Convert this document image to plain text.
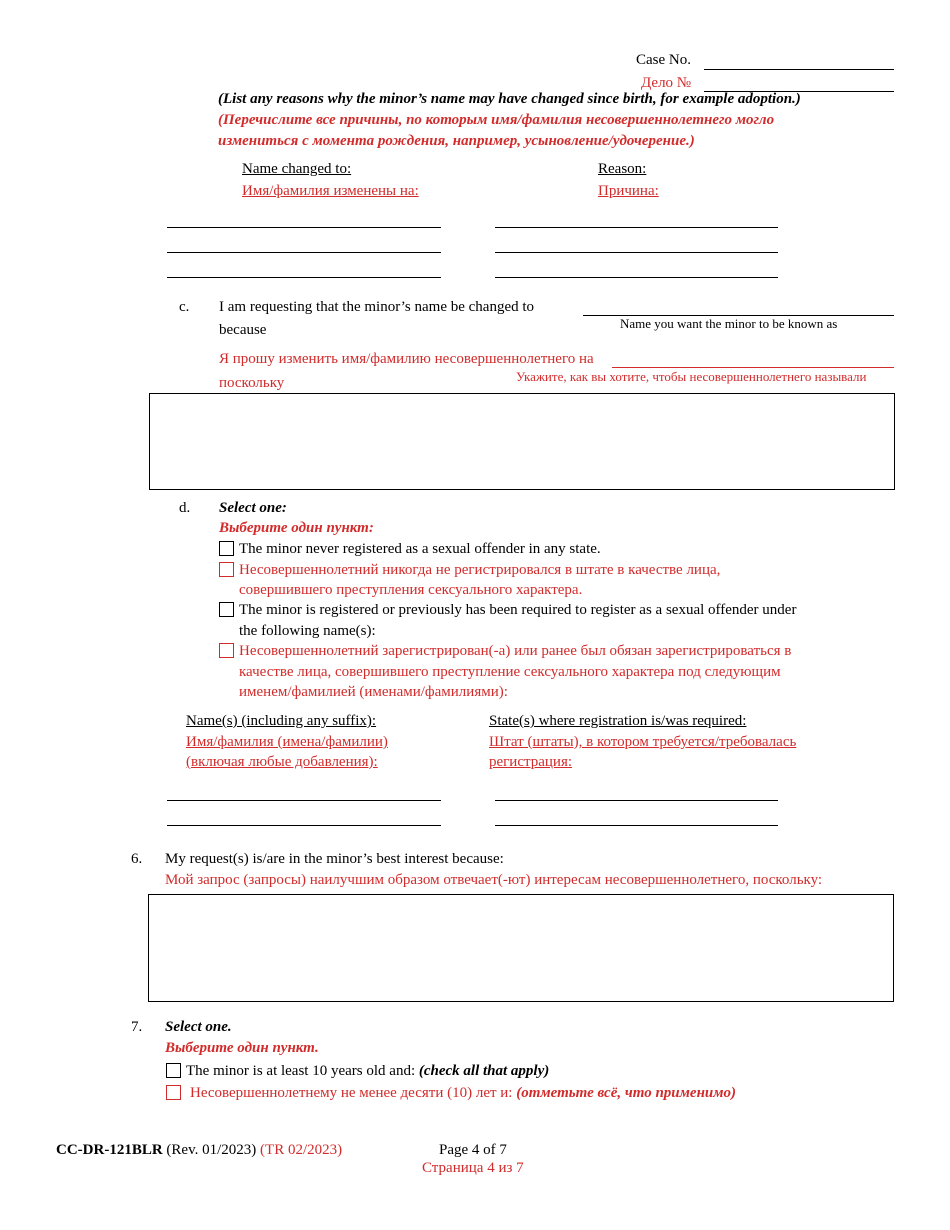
Case No.
Дело №
(List any reasons why the minor’s name may have changed since birth, for example adoption.)
(Перечислите все причины, по которым имя/фамилия несовершеннолетнего могло
измениться с момента рождения, например, усыновление/удочерение.)
Name changed to:
Имя/фамилия изменены на:
Reason:
Причина:
c. I am requesting that the minor’s name be changed to
Name you want the minor to be known as
because
Я прошу изменить имя/фамилию несовершеннолетнего на
Укажите, как вы хотите, чтобы несовершеннолетнего называли
поскольку
d. Select one:
Выберите один пункт:
The minor never registered as a sexual offender in any state.
Несовершеннолетний никогда не регистрировался в штате в качестве лица,
совершившего преступления сексуального характера.
The minor is registered or previously has been required to register as a sexual offender under
the following name(s):
Несовершеннолетний зарегистрирован(-а) или ранее был обязан зарегистрироваться в
качестве лица, совершившего преступление сексуального характера под следующим
именем/фамилией (именами/фамилиями):
Name(s) (including any suffix):
Имя/фамилия (имена/фамилии)
(включая любые добавления):
State(s) where registration is/was required:
Штат (штаты), в котором требуется/требовалась
регистрация:
6. My request(s) is/are in the minor’s best interest because:
Мой запрос (запросы) наилучшим образом отвечает(-ют) интересам несовершеннолетнего, поскольку:
7. Select one.
Выберите один пункт.
The minor is at least 10 years old and: (check all that apply)
Несовершеннолетнему не менее десяти (10) лет и: (отметьте всё, что применимо)
CC-DR-121BLR (Rev. 01/2023) (TR 02/2023)	Page 4 of 7
Страница 4 из 7
